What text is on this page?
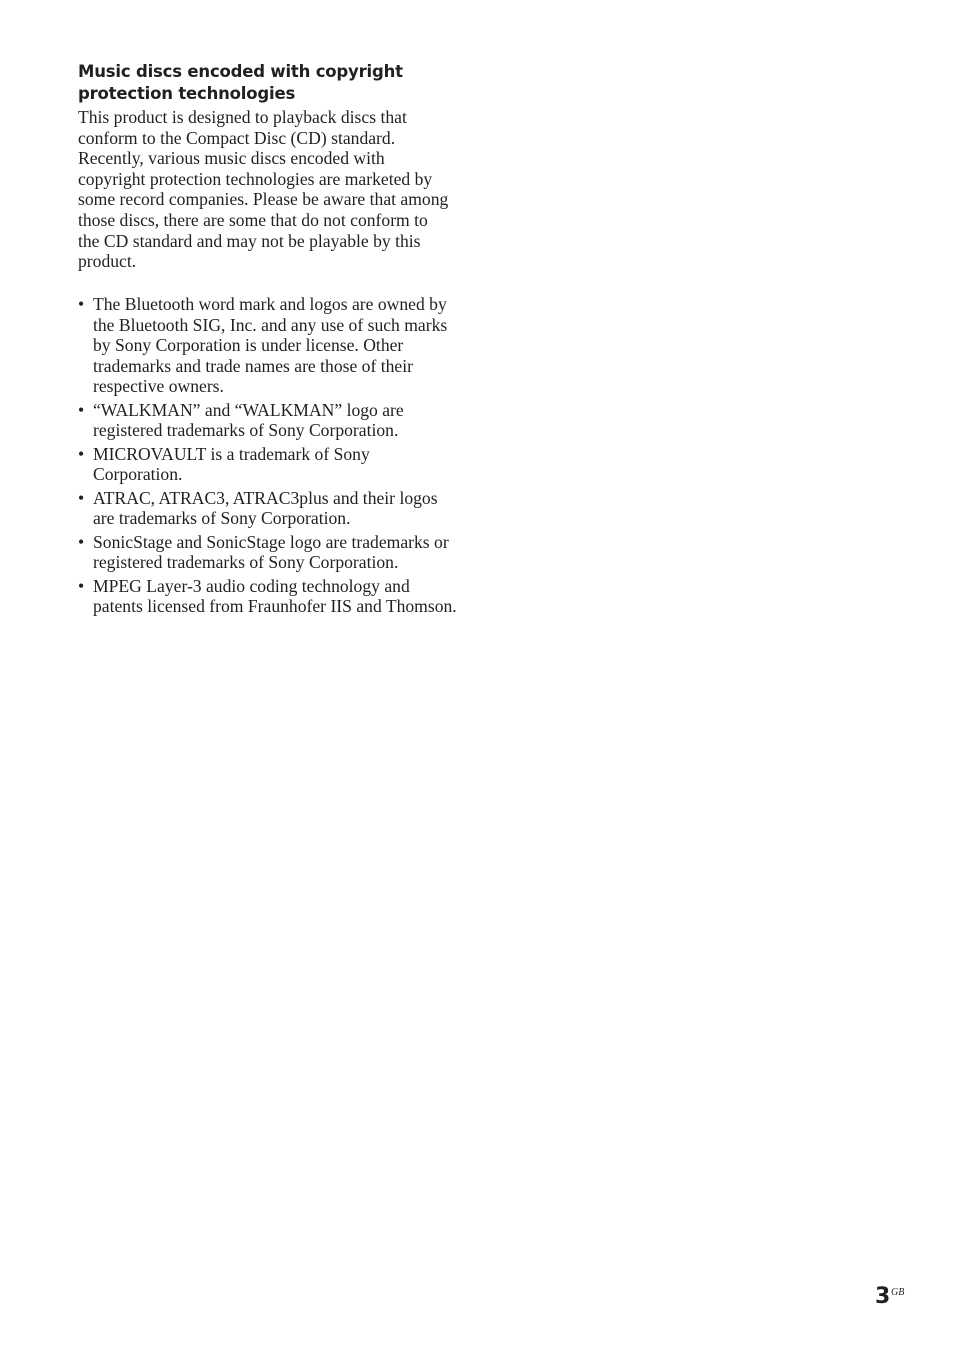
Music discs encoded with copyright
protection technologies

This product is designed to playback discs that conform to the Compact Disc (CD) standard. Recently, various music discs encoded with copyright protection technologies are marketed by some record companies. Please be aware that among those discs, there are some that do not conform to the CD standard and may not be playable by this product.

• The Bluetooth word mark and logos are owned by the Bluetooth SIG, Inc. and any use of such marks by Sony Corporation is under license. Other trademarks and trade names are those of their respective owners.
• “WALKMAN” and “WALKMAN” logo are registered trademarks of Sony Corporation.
• MICROVAULT is a trademark of Sony Corporation.
• ATRAC, ATRAC3, ATRAC3plus and their logos are trademarks of Sony Corporation.
• SonicStage and SonicStage logo are trademarks or registered trademarks of Sony Corporation.
• MPEG Layer-3 audio coding technology and patents licensed from Fraunhofer IIS and Thomson.
3 GB
